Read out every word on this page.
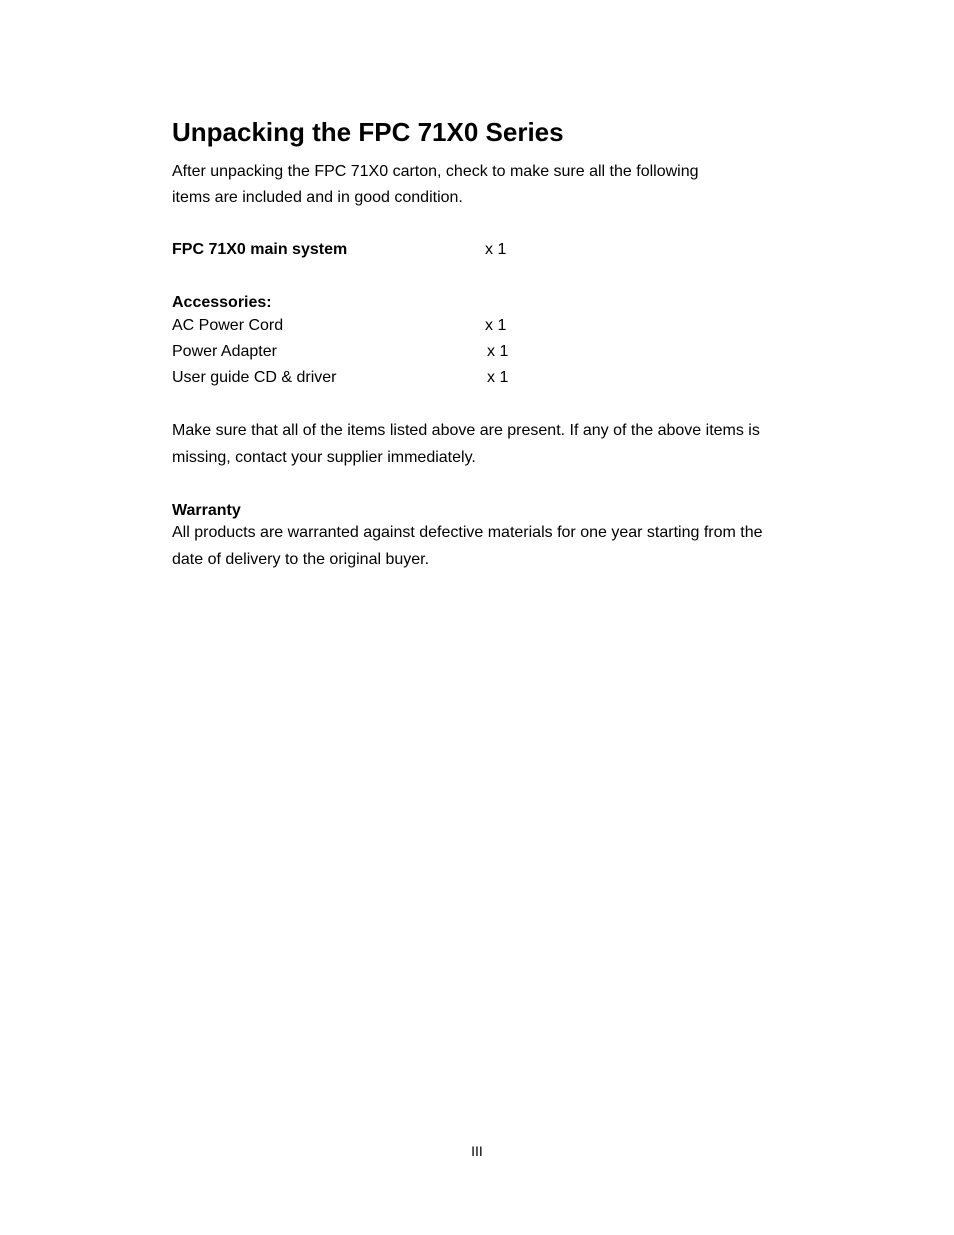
Unpacking the FPC 71X0 Series

After unpacking the FPC 71X0 carton, check to make sure all the following items are included and in good condition.

FPC 71X0 main system	x 1
Accessories:
AC Power Cord	x 1
Power Adapter	x 1
User guide CD & driver	x 1

Make sure that all of the items listed above are present. If any of the above items is missing, contact your supplier immediately.

Warranty

All products are warranted against defective materials for one year starting from the date of delivery to the original buyer.

III
